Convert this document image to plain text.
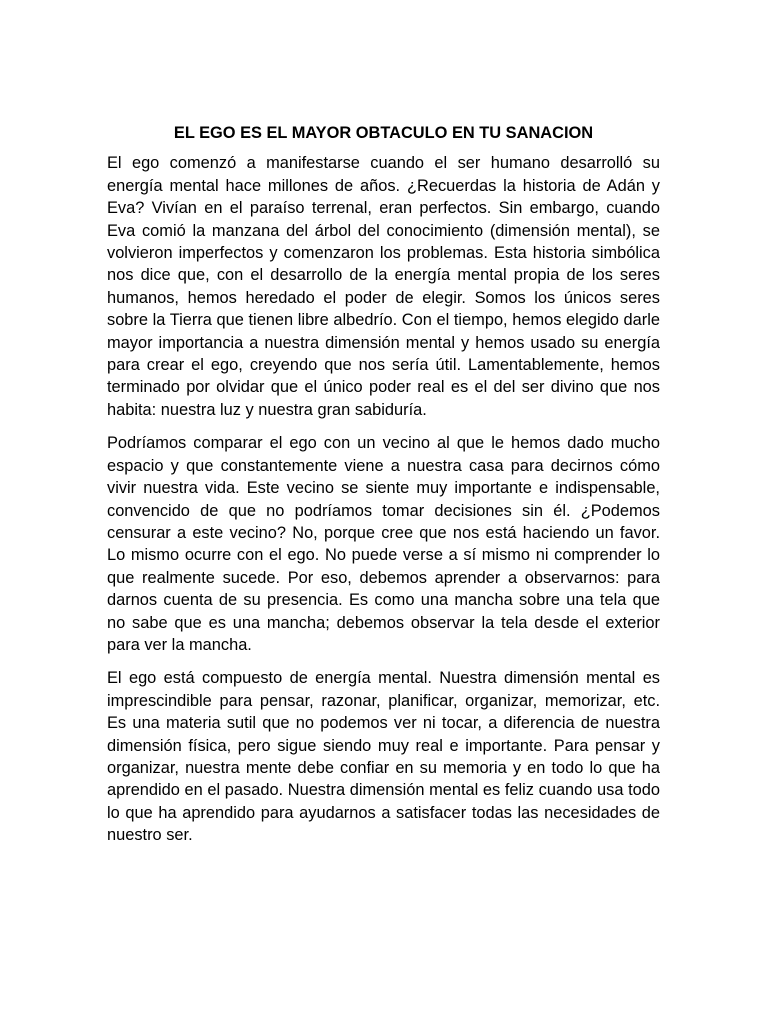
EL EGO ES EL MAYOR OBTACULO EN TU SANACION

El ego comenzó a manifestarse cuando el ser humano desarrolló su energía mental hace millones de años. ¿Recuerdas la historia de Adán y Eva? Vivían en el paraíso terrenal, eran perfectos. Sin embargo, cuando Eva comió la manzana del árbol del conocimiento (dimensión mental), se volvieron imperfectos y comenzaron los problemas. Esta historia simbólica nos dice que, con el desarrollo de la energía mental propia de los seres humanos, hemos heredado el poder de elegir. Somos los únicos seres sobre la Tierra que tienen libre albedrío. Con el tiempo, hemos elegido darle mayor importancia a nuestra dimensión mental y hemos usado su energía para crear el ego, creyendo que nos sería útil. Lamentablemente, hemos terminado por olvidar que el único poder real es el del ser divino que nos habita: nuestra luz y nuestra gran sabiduría.

Podríamos comparar el ego con un vecino al que le hemos dado mucho espacio y que constantemente viene a nuestra casa para decirnos cómo vivir nuestra vida. Este vecino se siente muy importante e indispensable, convencido de que no podríamos tomar decisiones sin él. ¿Podemos censurar a este vecino? No, porque cree que nos está haciendo un favor. Lo mismo ocurre con el ego. No puede verse a sí mismo ni comprender lo que realmente sucede. Por eso, debemos aprender a observarnos: para darnos cuenta de su presencia. Es como una mancha sobre una tela que no sabe que es una mancha; debemos observar la tela desde el exterior para ver la mancha.

El ego está compuesto de energía mental. Nuestra dimensión mental es imprescindible para pensar, razonar, planificar, organizar, memorizar, etc. Es una materia sutil que no podemos ver ni tocar, a diferencia de nuestra dimensión física, pero sigue siendo muy real e importante. Para pensar y organizar, nuestra mente debe confiar en su memoria y en todo lo que ha aprendido en el pasado. Nuestra dimensión mental es feliz cuando usa todo lo que ha aprendido para ayudarnos a satisfacer todas las necesidades de nuestro ser.
